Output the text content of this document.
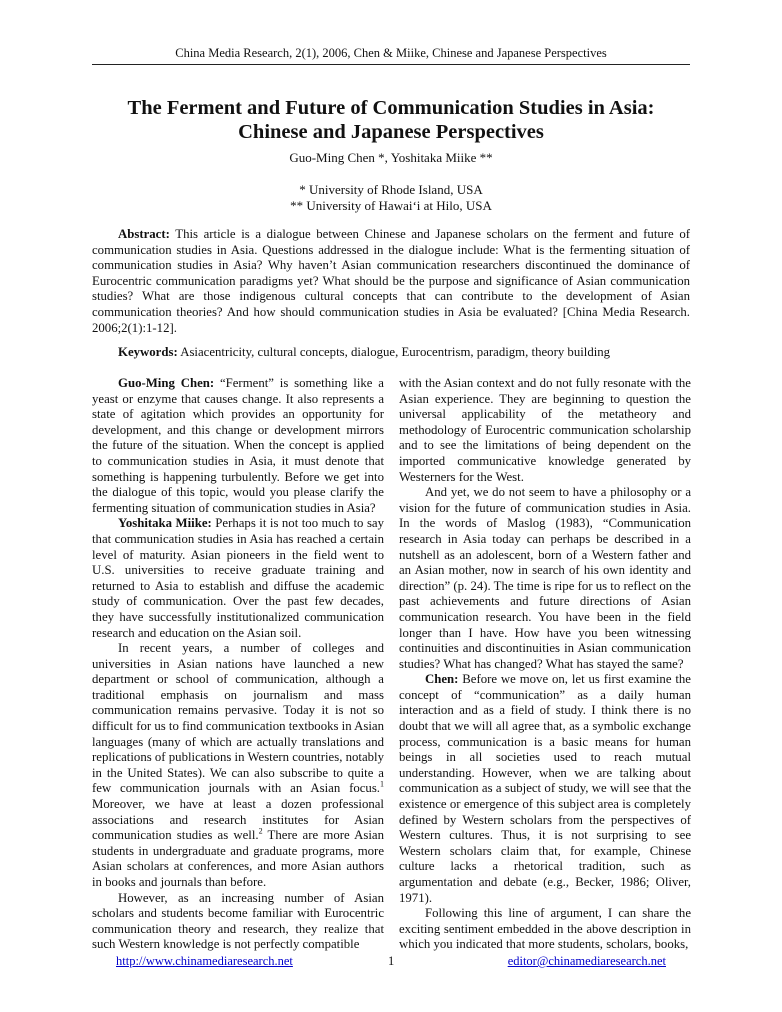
China Media Research, 2(1), 2006, Chen & Miike, Chinese and Japanese Perspectives
The Ferment and Future of Communication Studies in Asia:
Chinese and Japanese Perspectives
Guo-Ming Chen *, Yoshitaka Miike **
* University of Rhode Island, USA
** University of Hawai‘i at Hilo, USA
Abstract: This article is a dialogue between Chinese and Japanese scholars on the ferment and future of communication studies in Asia. Questions addressed in the dialogue include: What is the fermenting situation of communication studies in Asia? Why haven’t Asian communication researchers discontinued the dominance of Eurocentric communication paradigms yet? What should be the purpose and significance of Asian communication studies? What are those indigenous cultural concepts that can contribute to the development of Asian communication theories? And how should communication studies in Asia be evaluated? [China Media Research. 2006;2(1):1-12].
Keywords: Asiacentricity, cultural concepts, dialogue, Eurocentrism, paradigm, theory building

Guo-Ming Chen: “Ferment” is something like a yeast or enzyme that causes change. It also represents a state of agitation which provides an opportunity for development, and this change or development mirrors the future of the situation. When the concept is applied to communication studies in Asia, it must denote that something is happening turbulently. Before we get into the dialogue of this topic, would you please clarify the fermenting situation of communication studies in Asia?

Yoshitaka Miike: Perhaps it is not too much to say that communication studies in Asia has reached a certain level of maturity. Asian pioneers in the field went to U.S. universities to receive graduate training and returned to Asia to establish and diffuse the academic study of communication. Over the past few decades, they have successfully institutionalized communication research and education on the Asian soil.

In recent years, a number of colleges and universities in Asian nations have launched a new department or school of communication, although a traditional emphasis on journalism and mass communication remains pervasive. Today it is not so difficult for us to find communication textbooks in Asian languages (many of which are actually translations and replications of publications in Western countries, notably in the United States). We can also subscribe to quite a few communication journals with an Asian focus.$^1$ Moreover, we have at least a dozen professional associations and research institutes for Asian communication studies as well.$^2$ There are more Asian students in undergraduate and graduate programs, more Asian scholars at conferences, and more Asian authors in books and journals than before.

However, as an increasing number of Asian scholars and students become familiar with Eurocentric communication theory and research, they realize that such Western knowledge is not perfectly compatible

with the Asian context and do not fully resonate with the Asian experience. They are beginning to question the universal applicability of the metatheory and methodology of Eurocentric communication scholarship and to see the limitations of being dependent on the imported communicative knowledge generated by Westerners for the West.

And yet, we do not seem to have a philosophy or a vision for the future of communication studies in Asia. In the words of Maslog (1983), “Communication research in Asia today can perhaps be described in a nutshell as an adolescent, born of a Western father and an Asian mother, now in search of his own identity and direction” (p. 24). The time is ripe for us to reflect on the past achievements and future directions of Asian communication research. You have been in the field longer than I have. How have you been witnessing continuities and discontinuities in Asian communication studies? What has changed? What has stayed the same?

Chen: Before we move on, let us first examine the concept of “communication” as a daily human interaction and as a field of study. I think there is no doubt that we will all agree that, as a symbolic exchange process, communication is a basic means for human beings in all societies used to reach mutual understanding. However, when we are talking about communication as a subject of study, we will see that the existence or emergence of this subject area is completely defined by Western scholars from the perspectives of Western cultures. Thus, it is not surprising to see Western scholars claim that, for example, Chinese culture lacks a rhetorical tradition, such as argumentation and debate (e.g., Becker, 1986; Oliver, 1971).

Following this line of argument, I can share the exciting sentiment embedded in the above description in which you indicated that more students, scholars, books,

http://www.chinamediaresearch.net	1	editor@chinamediaresearch.net
